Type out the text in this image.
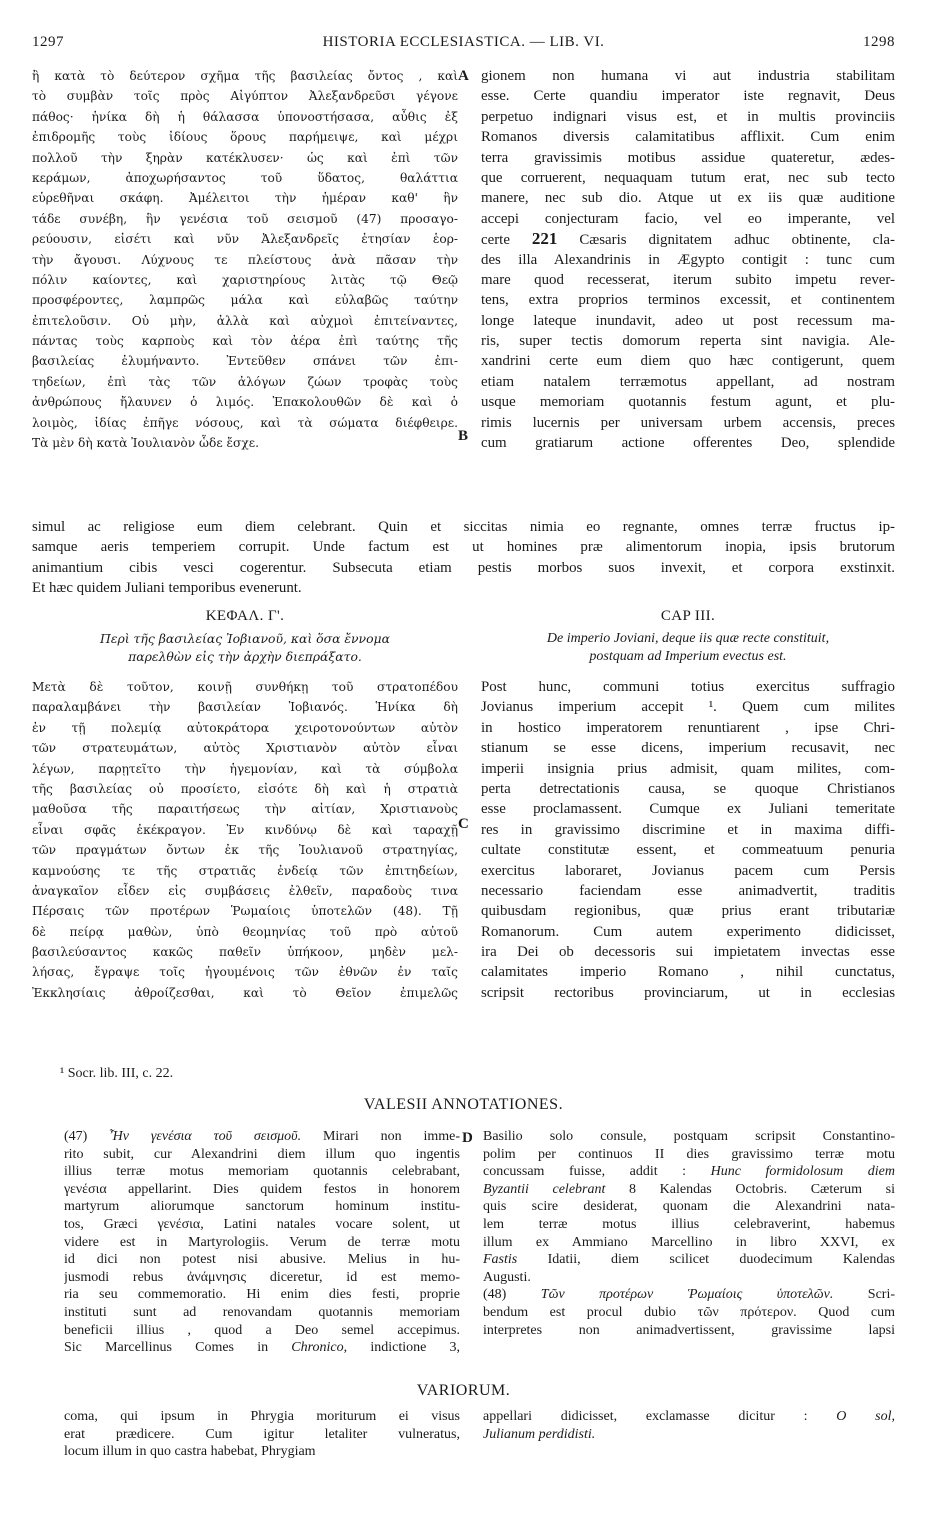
1297	HISTORIA ECCLESIASTICA. — LIB. VI.	1298
ἢ κατὰ τὸ δεύτερον σχῆμα τῆς βασιλείας ὄντος , καὶ
τὸ συμβὰν τοῖς πρὸς Αἰγύπτον Ἀλεξανδρεῦσι γέγονε
πάθος· ἡνίκα δὴ ἡ θάλασσα ὑπονοστήσασα, αὖθις ἐξ
ἐπιδρομῆς τοὺς ἰδίους ὅρους παρήμειψε, καὶ μέχρι
πολλοῦ τὴν ξηρὰν κατέκλυσεν· ὡς καὶ ἐπὶ τῶν
κεράμων, ἀποχωρήσαντος τοῦ ὕδατος, θαλάττια
εὑρεθῆναι σκάφη. Ἀμέλειτοι τὴν ἡμέραν καθ' ἣν
τάδε συνέβη, ἣν γενέσια τοῦ σεισμοῦ (47) προσαγο-
ρεύουσιν, εἰσέτι καὶ νῦν Ἀλεξανδρεῖς ἐτησίαν ἑορ-
τὴν ἄγουσι. Λύχνους τε πλείστους ἀνὰ πᾶσαν τὴν
πόλιν καίοντες, καὶ χαριστηρίους λιτὰς τῷ Θεῷ
προσφέροντες, λαμπρῶς μάλα καὶ εὐλαβῶς ταύτην
ἐπιτελοῦσιν. Οὐ μὴν, ἀλλὰ καὶ αὐχμοὶ ἐπιτείναντες,
πάντας τοὺς καρποὺς καὶ τὸν ἀέρα ἐπὶ ταύτης τῆς
βασιλείας ἐλυμήναντο. Ἐντεῦθεν σπάνει τῶν ἐπι-
τηδείων, ἐπὶ τὰς τῶν ἀλόγων ζώων τροφὰς τοὺς
ἀνθρώπους ἤλαυνεν ὁ λιμός. Ἐπακολουθῶν δὲ καὶ ὁ
λοιμὸς, ἰδίας ἐπῆγε νόσους, καὶ τὰ σώματα διέφθειρε.
Τὰ μὲν δὴ κατὰ Ἰουλιανὸν ὧδε ἔσχε.
gionem non humana vi aut industria stabilitam
esse. Certe quandiu imperator iste regnavit, Deus
perpetuo indignari visus est, et in multis provinciis
Romanos diversis calamitatibus afflixit. Cum enim
terra gravissimis motibus assidue quateretur, ædes-
que corruerent, nequaquam tutum erat, nec sub tecto
manere, nec sub dio. Atque ut ex iis quæ auditione
accepi conjecturam facio, vel eo imperante, vel
des illa Alexandrinis in Ægypto contigit : tunc cum
mare quod recesserat, iterum subito impetu rever-
tens, extra proprios terminos excessit, et continentem
longe lateque inundavit, adeo ut post recessum ma-
ris, super tectis domorum reperta sint navigia. Ale-
xandrini certe eum diem quo hæc contigerunt, quem
etiam natalem terræmotus appellant, ad nostram
usque memoriam quotannis festum agunt, et plu-
rimis lucernis per universam urbem accensis, preces
cum gratiarum actione offerentes Deo, splendide
certe 221 Cæsaris dignitatem adhuc obtinente, cla-
A
B
C
D
simul ac religiose eum diem celebrant. Quin et siccitas nimia eo regnante, omnes terræ fructus ip-
samque aeris temperiem corrupit. Unde factum est ut homines præ alimentorum inopia, ipsis brutorum
animantium cibis vesci cogerentur. Subsecuta etiam pestis morbos suos invexit, et corpora exstinxit.
Et hæc quidem Juliani temporibus evenerunt.
ΚΕΦΑΛ. Γ'.
Περὶ τῆς βασιλείας Ἰοβιανοῦ, καὶ ὅσα ἔννομα
παρελθὼν εἰς τὴν ἀρχὴν διεπράξατο.
CAP III.
De imperio Joviani, deque iis quæ recte constituit,
postquam ad Imperium evectus est.
Μετὰ δὲ τοῦτον, κοινῇ συνθήκῃ τοῦ στρατοπέδου
παραλαμβάνει τὴν βασιλείαν Ἰοβιανός. Ἡνίκα δὴ
ἐν τῇ πολεμίᾳ αὐτοκράτορα χειροτονούντων αὐτὸν
τῶν στρατευμάτων, αὐτὸς Χριστιανὸν αὐτὸν εἶναι
λέγων, παρῃτεῖτο τὴν ἡγεμονίαν, καὶ τὰ σύμβολα
τῆς βασιλείας οὐ προσίετο, εἰσότε δὴ καὶ ἡ στρατιὰ
μαθοῦσα τῆς παραιτήσεως τὴν αἰτίαν, Χριστιανοὺς
εἶναι σφᾶς ἐκέκραγον. Ἐν κινδύνῳ δὲ καὶ ταραχῇ
τῶν πραγμάτων ὄντων ἐκ τῆς Ἰουλιανοῦ στρατηγίας,
καμνούσης τε τῆς στρατιᾶς ἐνδείᾳ τῶν ἐπιτηδείων,
ἀναγκαῖον εἶδεν εἰς συμβάσεις ἐλθεῖν, παραδοὺς τινα
Πέρσαις τῶν προτέρων Ῥωμαίοις ὑποτελῶν (48). Τῇ
δὲ πείρᾳ μαθὼν, ὑπὸ θεομηνίας τοῦ πρὸ αὐτοῦ
βασιλεύσαντος κακῶς παθεῖν ὑπήκοον, μηδὲν μελ-
λήσας, ἔγραψε τοῖς ἡγουμένοις τῶν ἐθνῶν ἐν ταῖς
Ἐκκλησίαις ἀθροίζεσθαι, καὶ τὸ Θεῖον ἐπιμελῶς
Post hunc, communi totius exercitus suffragio
Jovianus imperium accepit ¹. Quem cum milites
in hostico imperatorem renuntiarent , ipse Chri-
stianum se esse dicens, imperium recusavit, nec
imperii insignia prius admisit, quam milites, com-
perta detrectationis causa, se quoque Christianos
esse proclamassent. Cumque ex Juliani temeritate
res in gravissimo discrimine et in maxima diffi-
cultate constitutæ essent, et commeatuum penuria
exercitus laboraret, Jovianus pacem cum Persis
necessario faciendam esse animadvertit, traditis
quibusdam regionibus, quæ prius erant tributariæ
Romanorum. Cum autem experimento didicisset,
ira Dei ob decessoris sui impietatem invectas esse
calamitates imperio Romano , nihil cunctatus,
scripsit rectoribus provinciarum, ut in ecclesias
¹ Socr. lib. III, c. 22.
VALESII ANNOTATIONES.
(47) Ἦν γενέσια τοῦ σεισμοῦ. Mirari non imme-
rito subit, cur Alexandrini diem illum quo ingentis
illius terræ motus memoriam quotannis celebrabant,
γενέσια appellarint. Dies quidem festos in honorem
martyrum aliorumque sanctorum hominum institu-
tos, Græci γενέσια, Latini natales vocare solent, ut
videre est in Martyrologiis. Verum de terræ motu
id dici non potest nisi abusive. Melius in hu-
jusmodi rebus ἀνάμνησις diceretur, id est memo-
ria seu commemoratio. Hi enim dies festi, proprie
instituti sunt ad renovandam quotannis memoriam
beneficii illius , quod a Deo semel accepimus.
Sic Marcellinus Comes in Chronico, indictione 3,
Basilio solo consule, postquam scripsit Constantino-
polim per continuos II dies gravissimo terræ motu
concussam fuisse, addit : Hunc formidolosum diem
Byzantii celebrant 8 Kalendas Octobris. Cæterum si
quis scire desiderat, quonam die Alexandrini nata-
lem terræ motus illius celebraverint, habemus
illum ex Ammiano Marcellino in libro XXVI, ex
Fastis Idatii, diem scilicet duodecimum Kalendas
Augusti.
(48) Τῶν προτέρων Ῥωμαίοις ὑποτελῶν. Scri-
bendum est procul dubio τῶν πρότερον. Quod cum
interpretes non animadvertissent, gravissime lapsi
VARIORUM.
coma, qui ipsum in Phrygia moriturum ei visus
erat prædicere. Cum igitur letaliter vulneratus,
locum illum in quo castra habebat, Phrygiam
appellari didicisset, exclamasse dicitur : O sol,
Julianum perdidisti.
